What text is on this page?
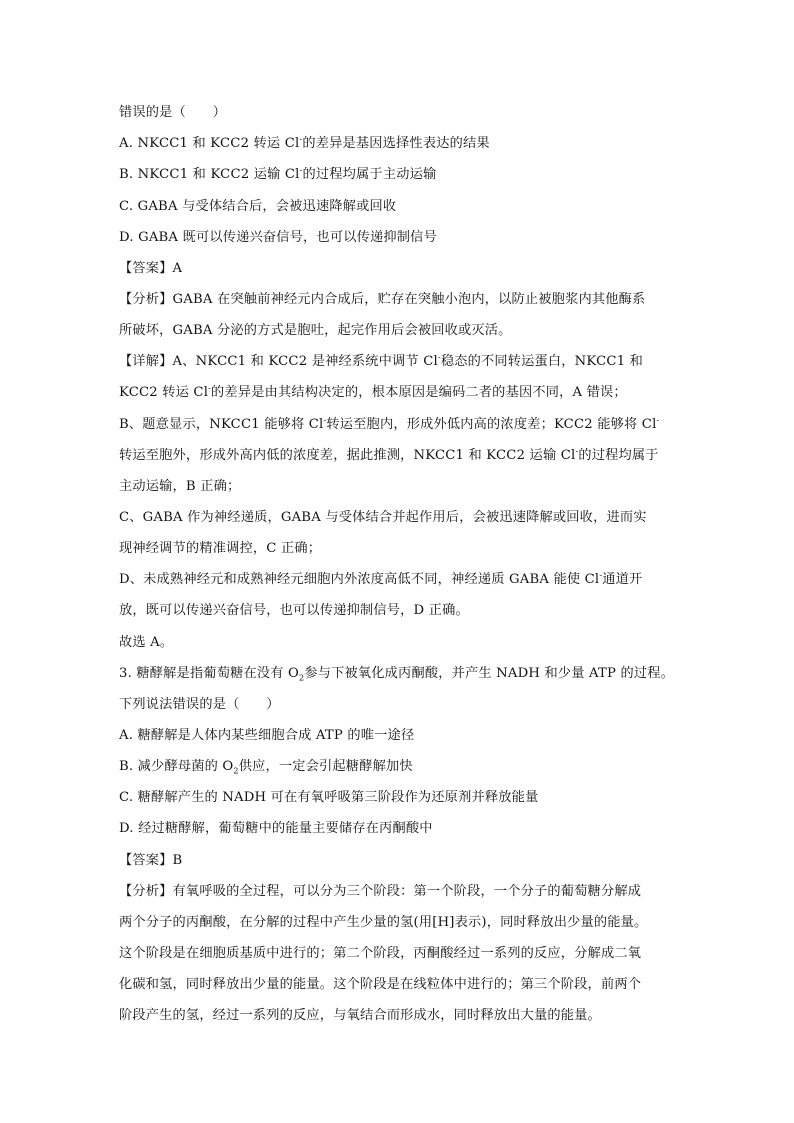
错误的是（　　）
A. NKCC1 和 KCC2 转运 Cl-的差异是基因选择性表达的结果
B. NKCC1 和 KCC2 运输 Cl-的过程均属于主动运输
C. GABA 与受体结合后，会被迅速降解或回收
D. GABA 既可以传递兴奋信号，也可以传递抑制信号
【答案】A
【分析】GABA 在突触前神经元内合成后，贮存在突触小泡内，以防止被胞浆内其他酶系
所破坏，GABA 分泌的方式是胞吐，起完作用后会被回收或灭活。
【详解】A、NKCC1 和 KCC2 是神经系统中调节 Cl-稳态的不同转运蛋白，NKCC1 和
KCC2 转运 Cl-的差异是由其结构决定的，根本原因是编码二者的基因不同，A 错误；
B、题意显示，NKCC1 能够将 Cl-转运至胞内，形成外低内高的浓度差；KCC2 能够将 Cl-
转运至胞外，形成外高内低的浓度差，据此推测，NKCC1 和 KCC2 运输 Cl-的过程均属于
主动运输，B 正确；
C、GABA 作为神经递质，GABA 与受体结合并起作用后，会被迅速降解或回收，进而实
现神经调节的精准调控，C 正确；
D、未成熟神经元和成熟神经元细胞内外浓度高低不同，神经递质 GABA 能使 Cl-通道开
放，既可以传递兴奋信号，也可以传递抑制信号，D 正确。
故选 A。
3. 糖酵解是指葡萄糖在没有 $O_2$参与下被氧化成丙酮酸，并产生 NADH 和少量 ATP 的过程。
下列说法错误的是（　　）
A. 糖酵解是人体内某些细胞合成 ATP 的唯一途径
B. 减少酵母菌的 $O_2$供应，一定会引起糖酵解加快
C. 糖酵解产生的 NADH 可在有氧呼吸第三阶段作为还原剂并释放能量
D. 经过糖酵解，葡萄糖中的能量主要储存在丙酮酸中
【答案】B
【分析】有氧呼吸的全过程，可以分为三个阶段：第一个阶段，一个分子的葡萄糖分解成
两个分子的丙酮酸，在分解的过程中产生少量的氢(用[H]表示)，同时释放出少量的能量。
这个阶段是在细胞质基质中进行的；第二个阶段，丙酮酸经过一系列的反应，分解成二氧
化碳和氢，同时释放出少量的能量。这个阶段是在线粒体中进行的；第三个阶段，前两个
阶段产生的氢，经过一系列的反应，与氧结合而形成水，同时释放出大量的能量。
